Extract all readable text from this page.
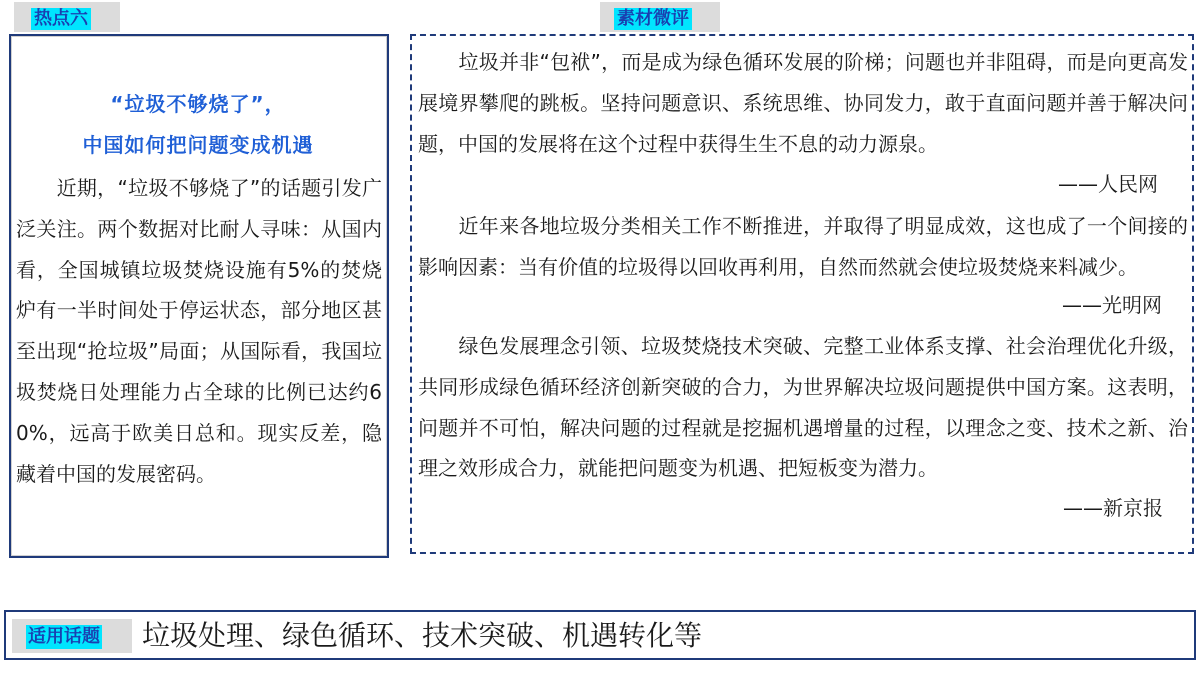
热点六	素材微评
“垃圾不够烧了”，
中国如何把问题变成机遇
　　近期，“垃圾不够烧了”的话题引发广泛关注。两个数据对比耐人寻味：从国内看，全国城镇垃圾焚烧设施有5%的焚烧炉有一半时间处于停运状态，部分地区甚至出现“抢垃圾”局面；从国际看，我国垃圾焚烧日处理能力占全球的比例已达约60%，远高于欧美日总和。现实反差，隐藏着中国的发展密码。
　　垃圾并非“包袱”，而是成为绿色循环发展的阶梯；问题也并非阻碍，而是向更高发展境界攀爬的跳板。坚持问题意识、系统思维、协同发力，敢于直面问题并善于解决问题，中国的发展将在这个过程中获得生生不息的动力源泉。
——人民网
　　近年来各地垃圾分类相关工作不断推进，并取得了明显成效，这也成了一个间接的影响因素：当有价值的垃圾得以回收再利用，自然而然就会使垃圾焚烧来料减少。
——光明网
　　绿色发展理念引领、垃圾焚烧技术突破、完整工业体系支撑、社会治理优化升级，共同形成绿色循环经济创新突破的合力，为世界解决垃圾问题提供中国方案。这表明，问题并不可怕，解决问题的过程就是挖掘机遇增量的过程，以理念之变、技术之新、治理之效形成合力，就能把问题变为机遇、把短板变为潜力。
——新京报
适用话题 垃圾处理、绿色循环、技术突破、机遇转化等
